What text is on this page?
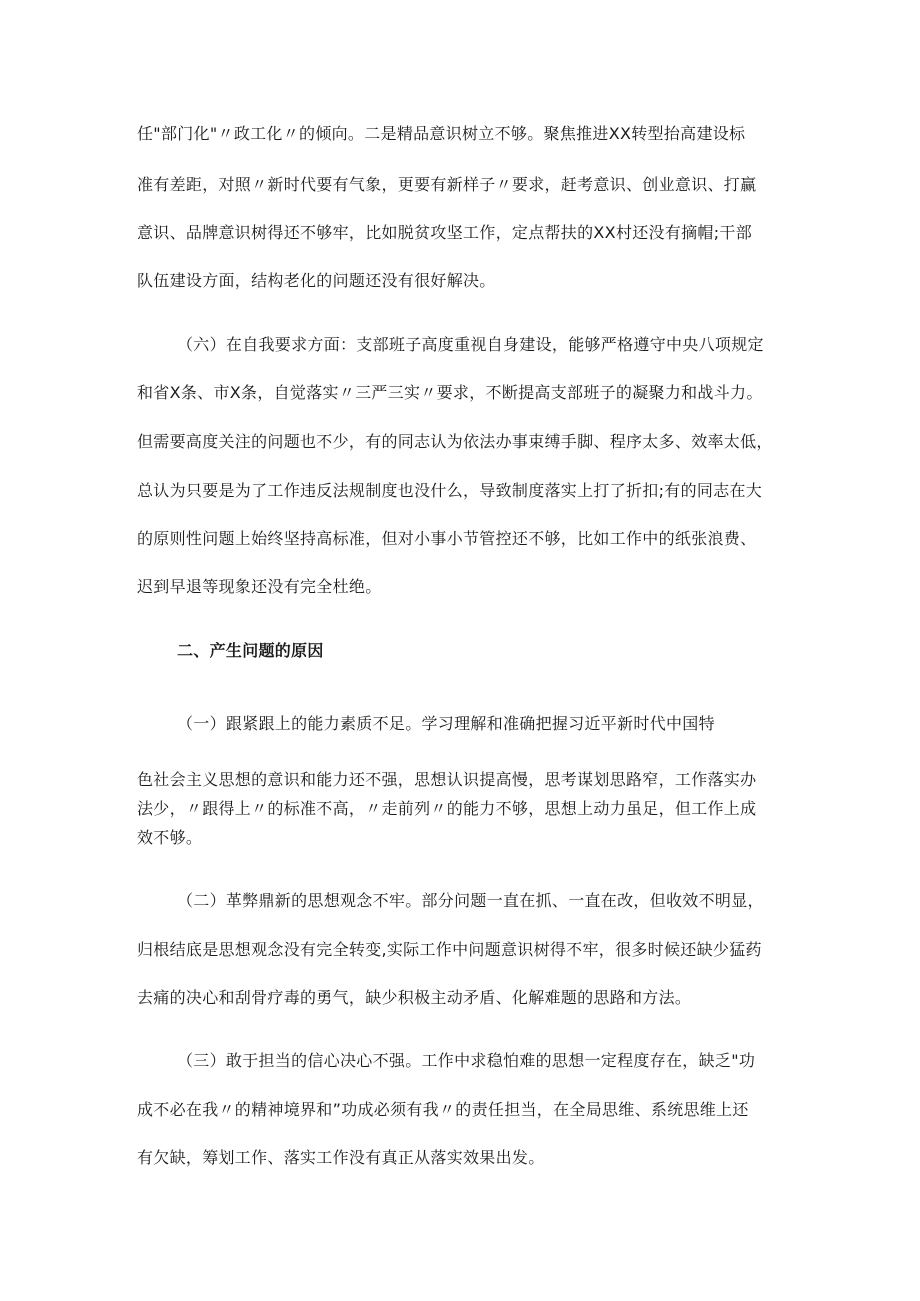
任"部门化"〃政工化〃的倾向。二是精品意识树立不够。聚焦推进XX转型抬高建设标
准有差距，对照〃新时代要有气象，更要有新样子〃要求，赶考意识、创业意识、打赢
意识、品牌意识树得还不够牢，比如脱贫攻坚工作，定点帮扶的XX村还没有摘帽;干部
队伍建设方面，结构老化的问题还没有很好解决。
（六）在自我要求方面：支部班子高度重视自身建设，能够严格遵守中央八项规定
和省X条、市X条，自觉落实〃三严三实〃要求，不断提高支部班子的凝聚力和战斗力。
但需要高度关注的问题也不少，有的同志认为依法办事束缚手脚、程序太多、效率太低，
总认为只要是为了工作违反法规制度也没什么，导致制度落实上打了折扣;有的同志在大
的原则性问题上始终坚持高标准，但对小事小节管控还不够，比如工作中的纸张浪费、
迟到早退等现象还没有完全杜绝。
二、产生问题的原因
（一）跟紧跟上的能力素质不足。学习理解和准确把握习近平新时代中国特
色社会主义思想的意识和能力还不强，思想认识提高慢，思考谋划思路窄，工作落实办
法少，〃跟得上〃的标准不高，〃走前列〃的能力不够，思想上动力虽足，但工作上成
效不够。
（二）革弊鼎新的思想观念不牢。部分问题一直在抓、一直在改，但收效不明显，
归根结底是思想观念没有完全转变,实际工作中问题意识树得不牢，很多时候还缺少猛药
去痛的决心和刮骨疗毒的勇气，缺少积极主动矛盾、化解难题的思路和方法。
（三）敢于担当的信心决心不强。工作中求稳怕难的思想一定程度存在，缺乏"功
成不必在我〃的精神境界和”功成必须有我〃的责任担当，在全局思维、系统思维上还
有欠缺，筹划工作、落实工作没有真正从落实效果出发。
